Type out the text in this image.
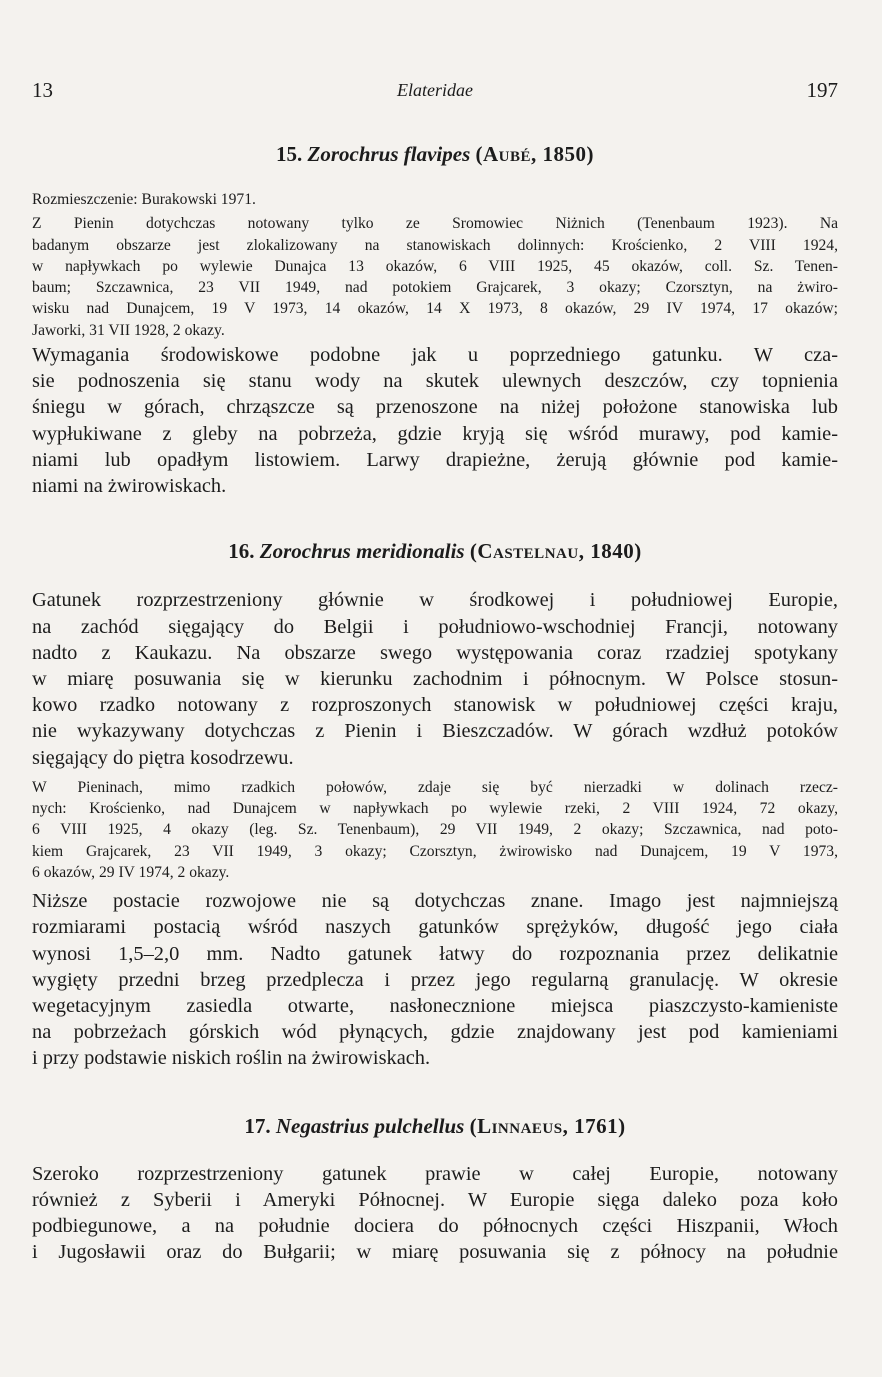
13	Elateridae	197
15. Zorochrus flavipes (Aubé, 1850)

Rozmieszczenie: Burakowski 1971.

Z Pienin dotychczas notowany tylko ze Sromowiec Niżnich (Tenenbaum 1923). Na
badanym obszarze jest zlokalizowany na stanowiskach dolinnych: Krościenko, 2 VIII 1924,
w napływkach po wylewie Dunajca 13 okazów, 6 VIII 1925, 45 okazów, coll. Sz. Tenen-
baum; Szczawnica, 23 VII 1949, nad potokiem Grajcarek, 3 okazy; Czorsztyn, na żwiro-
wisku nad Dunajcem, 19 V 1973, 14 okazów, 14 X 1973, 8 okazów, 29 IV 1974, 17 okazów;
Jaworki, 31 VII 1928, 2 okazy.

Wymagania środowiskowe podobne jak u poprzedniego gatunku. W cza-
sie podnoszenia się stanu wody na skutek ulewnych deszczów, czy topnienia
śniegu w górach, chrząszcze są przenoszone na niżej położone stanowiska lub
wypłukiwane z gleby na pobrzeża, gdzie kryją się wśród murawy, pod kamie-
niami lub opadłym listowiem. Larwy drapieżne, żerują głównie pod kamie-
niami na żwirowiskach.

16. Zorochrus meridionalis (Castelnau, 1840)

Gatunek rozprzestrzeniony głównie w środkowej i południowej Europie,
na zachód sięgający do Belgii i południowo-wschodniej Francji, notowany
nadto z Kaukazu. Na obszarze swego występowania coraz rzadziej spotykany
w miarę posuwania się w kierunku zachodnim i północnym. W Polsce stosun-
kowo rzadko notowany z rozproszonych stanowisk w południowej części kraju,
nie wykazywany dotychczas z Pienin i Bieszczadów. W górach wzdłuż potoków
sięgający do piętra kosodrzewu.

W Pieninach, mimo rzadkich połowów, zdaje się być nierzadki w dolinach rzecz-
nych: Krościenko, nad Dunajcem w napływkach po wylewie rzeki, 2 VIII 1924, 72 okazy,
6 VIII 1925, 4 okazy (leg. Sz. Tenenbaum), 29 VII 1949, 2 okazy; Szczawnica, nad poto-
kiem Grajcarek, 23 VII 1949, 3 okazy; Czorsztyn, żwirowisko nad Dunajcem, 19 V 1973,
6 okazów, 29 IV 1974, 2 okazy.

Niższe postacie rozwojowe nie są dotychczas znane. Imago jest najmniejszą
rozmiarami postacią wśród naszych gatunków sprężyków, długość jego ciała
wynosi 1,5–2,0 mm. Nadto gatunek łatwy do rozpoznania przez delikatnie
wygięty przedni brzeg przedplecza i przez jego regularną granulację. W okresie
wegetacyjnym zasiedla otwarte, nasłonecznione miejsca piaszczysto-kamieniste
na pobrzeżach górskich wód płynących, gdzie znajdowany jest pod kamieniami
i przy podstawie niskich roślin na żwirowiskach.

17. Negastrius pulchellus (Linnaeus, 1761)

Szeroko rozprzestrzeniony gatunek prawie w całej Europie, notowany
również z Syberii i Ameryki Północnej. W Europie sięga daleko poza koło
podbiegunowe, a na południe dociera do północnych części Hiszpanii, Włoch
i Jugosławii oraz do Bułgarii; w miarę posuwania się z północy na południe
